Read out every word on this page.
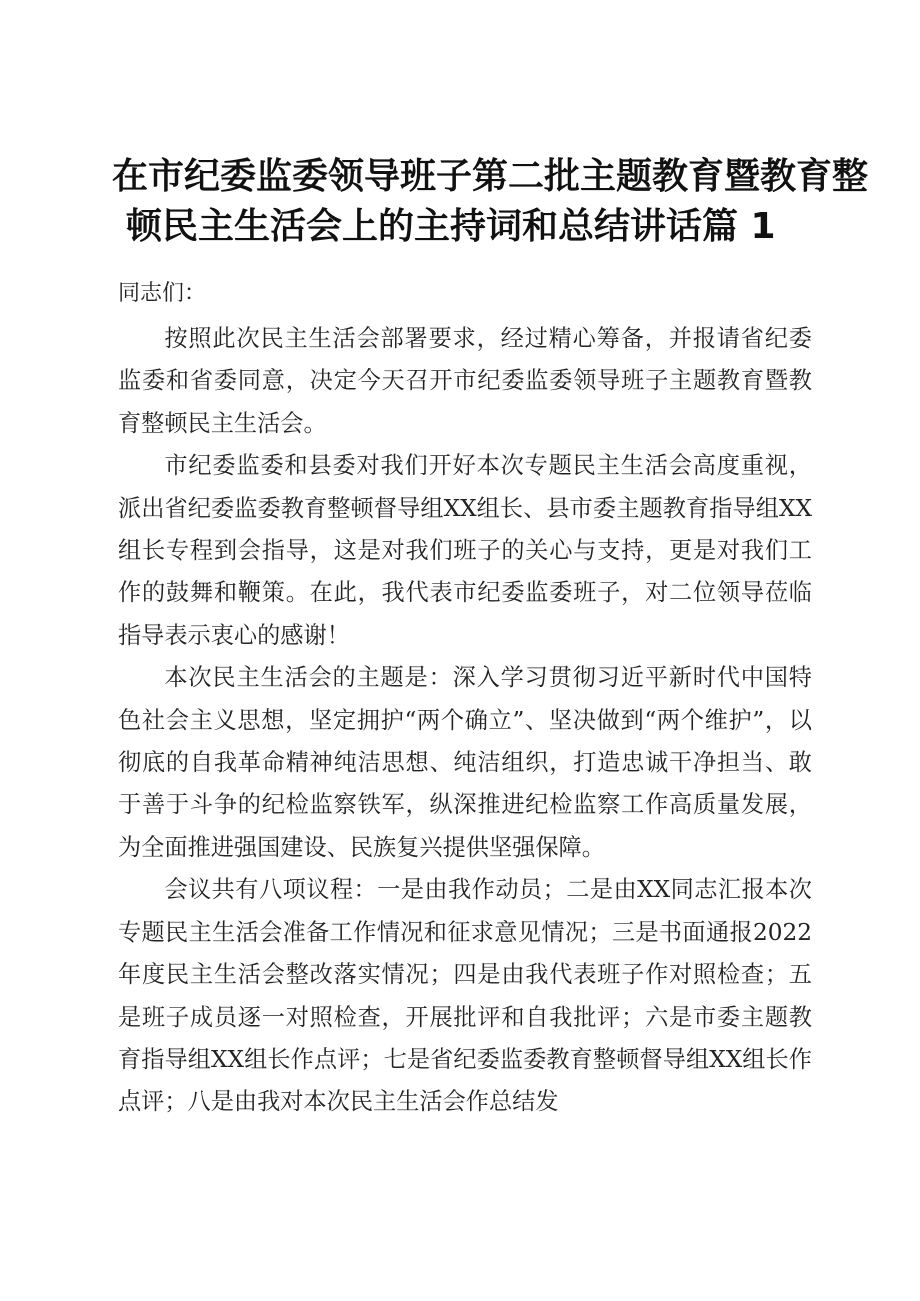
在市纪委监委领导班子第二批主题教育暨教育整
顿民主生活会上的主持词和总结讲话篇 1
同志们：

按照此次民主生活会部署要求，经过精心筹备，并报请省纪委监委和省委同意，决定今天召开市纪委监委领导班子主题教育暨教育整顿民主生活会。

市纪委监委和县委对我们开好本次专题民主生活会高度重视，派出省纪委监委教育整顿督导组XX组长、县市委主题教育指导组XX组长专程到会指导，这是对我们班子的关心与支持，更是对我们工作的鼓舞和鞭策。在此，我代表市纪委监委班子，对二位领导莅临指导表示衷心的感谢！

本次民主生活会的主题是：深入学习贯彻习近平新时代中国特色社会主义思想，坚定拥护“两个确立”、坚决做到“两个维护”，以彻底的自我革命精神纯洁思想、纯洁组织，打造忠诚干净担当、敢于善于斗争的纪检监察铁军，纵深推进纪检监察工作高质量发展，为全面推进强国建设、民族复兴提供坚强保障。

会议共有八项议程：一是由我作动员；二是由XX同志汇报本次专题民主生活会准备工作情况和征求意见情况；三是书面通报2022年度民主生活会整改落实情况；四是由我代表班子作对照检查；五是班子成员逐一对照检查，开展批评和自我批评；六是市委主题教育指导组XX组长作点评；七是省纪委监委教育整顿督导组XX组长作点评；八是由我对本次民主生活会作总结发
